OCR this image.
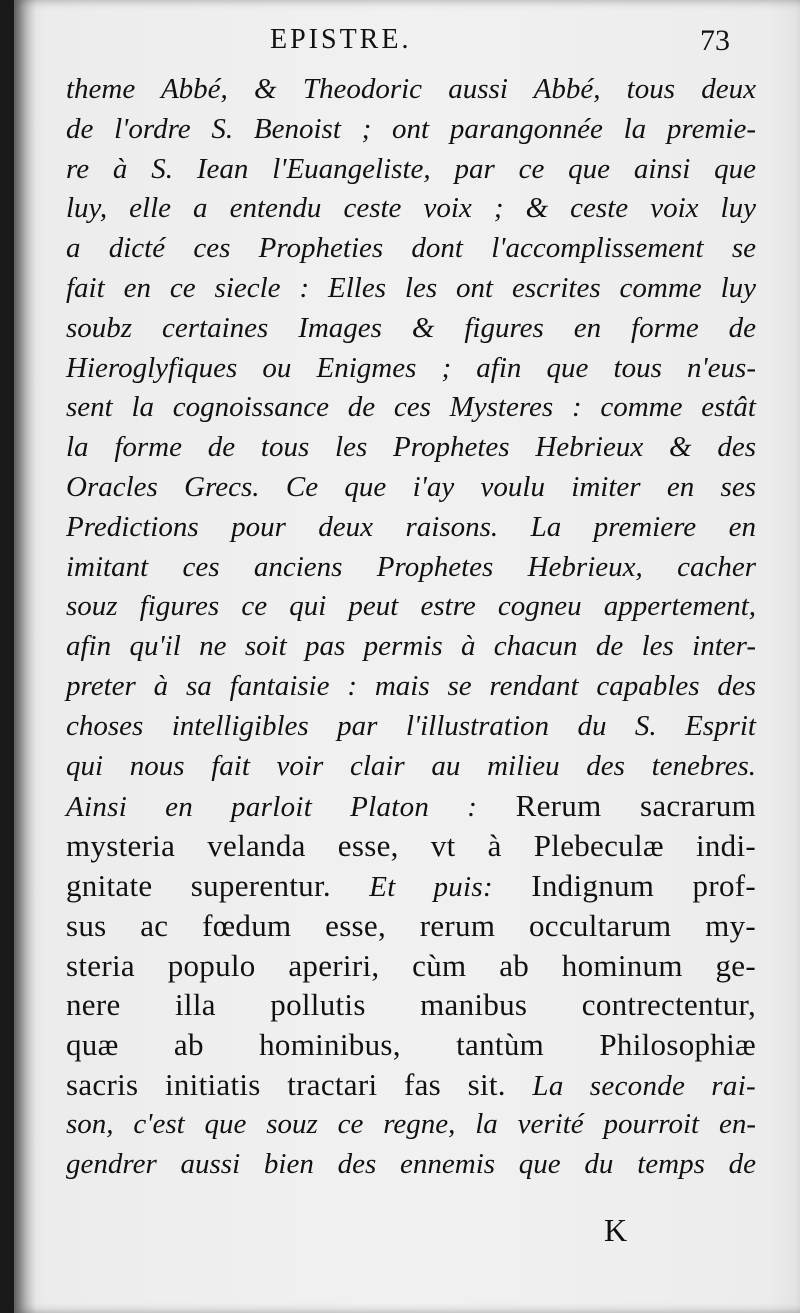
EPISTRE.	73
theme Abbé, & Theodoric aussi Abbé, tous deux
de l'ordre S. Benoist ; ont parangonnée la premie-
re à S. Iean l'Euangeliste, par ce que ainsi que
luy, elle a entendu ceste voix ; & ceste voix luy
a dicté ces Propheties dont l'accomplissement se
fait en ce siecle : Elles les ont escrites comme luy
soubz certaines Images & figures en forme de
Hieroglyfiques ou Enigmes ; afin que tous n'eus-
sent la cognoissance de ces Mysteres : comme estât
la forme de tous les Prophetes Hebrieux & des
Oracles Grecs. Ce que i'ay voulu imiter en ses
Predictions pour deux raisons. La premiere en
imitant ces anciens Prophetes Hebrieux, cacher
souz figures ce qui peut estre cogneu appertement,
afin qu'il ne soit pas permis à chacun de les inter-
preter à sa fantaisie : mais se rendant capables des
choses intelligibles par l'illustration du S. Esprit
qui nous fait voir clair au milieu des tenebres.
Ainsi en parloit Platon : Rerum sacrarum
mysteria velanda esse, vt à Plebeculæ indi-
gnitate superentur. Et puis: Indignum prof-
sus ac fœdum esse, rerum occultarum my-
steria populo aperiri, cùm ab hominum ge-
nere illa pollutis manibus contrectentur,
quæ ab hominibus, tantùm Philosophiæ
sacris initiatis tractari fas sit. La seconde rai-
son, c'est que souz ce regne, la verité pourroit en-
gendrer aussi bien des ennemis que du temps de
K
